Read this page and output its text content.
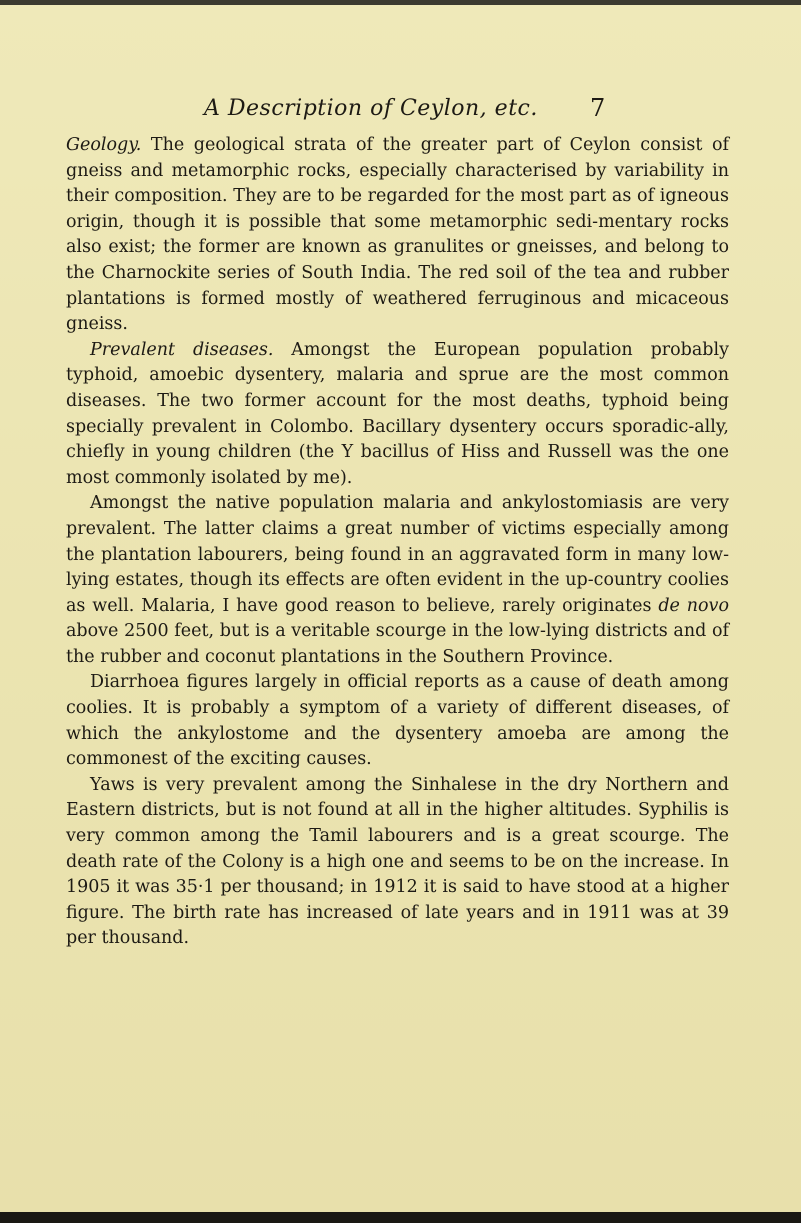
A Description of Ceylon, etc. 7

Geology. The geological strata of the greater part of Ceylon consist of gneiss and metamorphic rocks, especially characterised by variability in their composition. They are to be regarded for the most part as of igneous origin, though it is possible that some metamorphic sedi-mentary rocks also exist; the former are known as granulites or gneisses, and belong to the Charnockite series of South India. The red soil of the tea and rubber plantations is formed mostly of weathered ferruginous and micaceous gneiss.

Prevalent diseases. Amongst the European population probably typhoid, amoebic dysentery, malaria and sprue are the most common diseases. The two former account for the most deaths, typhoid being specially prevalent in Colombo. Bacillary dysentery occurs sporadic-ally, chiefly in young children (the Y bacillus of Hiss and Russell was the one most commonly isolated by me).

Amongst the native population malaria and ankylostomiasis are very prevalent. The latter claims a great number of victims especially among the plantation labourers, being found in an aggravated form in many low-lying estates, though its effects are often evident in the up-country coolies as well. Malaria, I have good reason to believe, rarely originates de novo above 2500 feet, but is a veritable scourge in the low-lying districts and of the rubber and coconut plantations in the Southern Province.

Diarrhoea figures largely in official reports as a cause of death among coolies. It is probably a symptom of a variety of different diseases, of which the ankylostome and the dysentery amoeba are among the commonest of the exciting causes.

Yaws is very prevalent among the Sinhalese in the dry Northern and Eastern districts, but is not found at all in the higher altitudes. Syphilis is very common among the Tamil labourers and is a great scourge. The death rate of the Colony is a high one and seems to be on the increase. In 1905 it was 35·1 per thousand; in 1912 it is said to have stood at a higher figure. The birth rate has increased of late years and in 1911 was at 39 per thousand.
